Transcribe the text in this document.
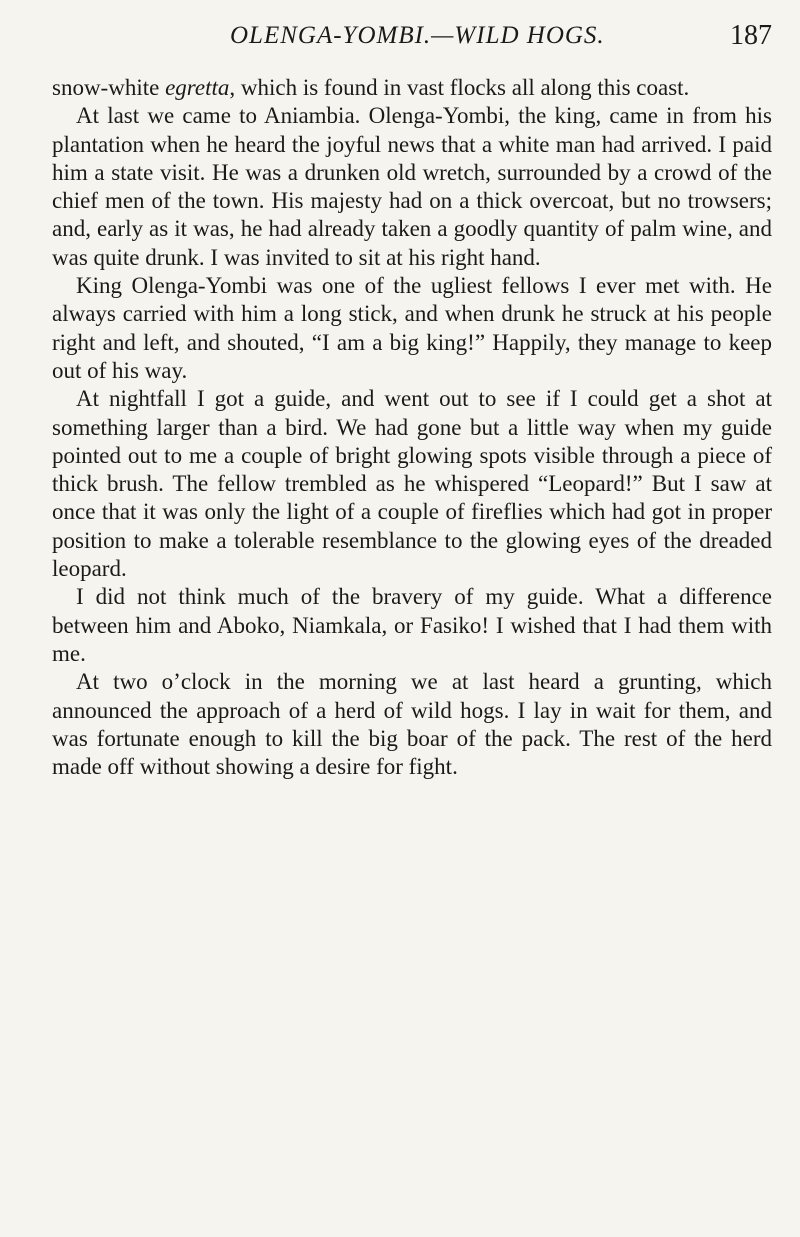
OLENGA-YOMBI.—WILD HOGS.	187

snow-white egretta, which is found in vast flocks all along this coast.

At last we came to Aniambia. Olenga-Yombi, the king, came in from his plantation when he heard the joyful news that a white man had arrived. I paid him a state visit. He was a drunken old wretch, surrounded by a crowd of the chief men of the town. His majesty had on a thick overcoat, but no trowsers; and, early as it was, he had already taken a goodly quantity of palm wine, and was quite drunk. I was invited to sit at his right hand.

King Olenga-Yombi was one of the ugliest fellows I ever met with. He always carried with him a long stick, and when drunk he struck at his people right and left, and shouted, “I am a big king!” Happily, they manage to keep out of his way.

At nightfall I got a guide, and went out to see if I could get a shot at something larger than a bird. We had gone but a little way when my guide pointed out to me a couple of bright glowing spots visible through a piece of thick brush. The fellow trembled as he whispered “Leopard!” But I saw at once that it was only the light of a couple of fireflies which had got in proper position to make a tolerable resemblance to the glowing eyes of the dreaded leopard.

I did not think much of the bravery of my guide. What a difference between him and Aboko, Niamkala, or Fasiko! I wished that I had them with me.

At two o’clock in the morning we at last heard a grunting, which announced the approach of a herd of wild hogs. I lay in wait for them, and was fortunate enough to kill the big boar of the pack. The rest of the herd made off without showing a desire for fight.
